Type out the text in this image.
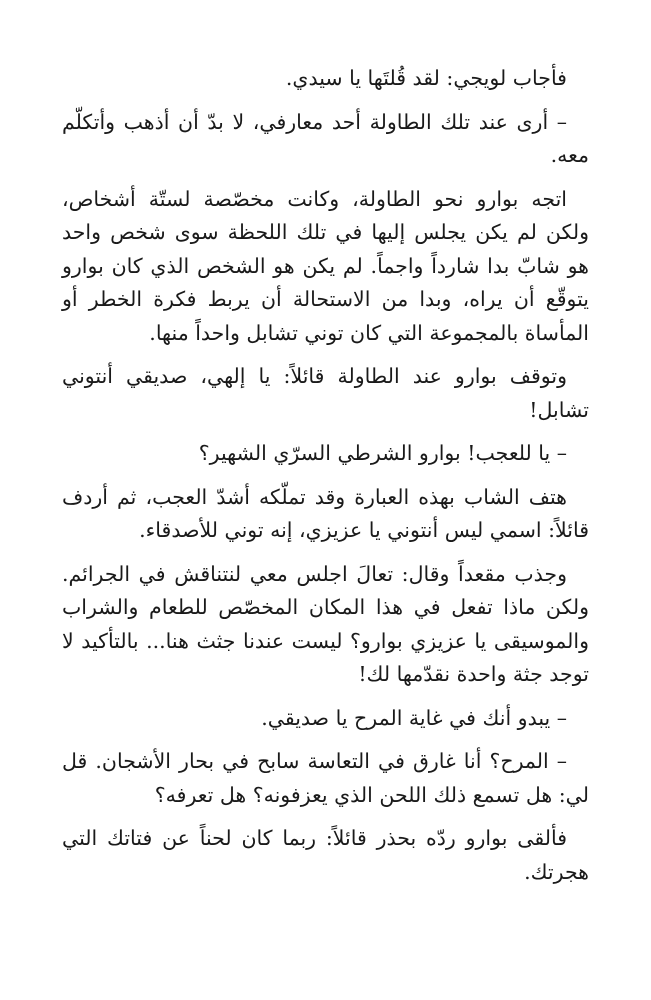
فأجاب لويجي: لقد قُلتَها يا سيدي.

– أرى عند تلك الطاولة أحد معارفي، لا بدّ أن أذهب وأتكلّم معه.

اتجه بوارو نحو الطاولة، وكانت مخصّصة لستّة أشخاص، ولكن لم يكن يجلس إليها في تلك اللحظة سوى شخص واحد هو شابّ بدا شارداً واجماً. لم يكن هو الشخص الذي كان بوارو يتوقّع أن يراه، وبدا من الاستحالة أن يربط فكرة الخطر أو المأساة بالمجموعة التي كان توني تشابل واحداً منها.

وتوقف بوارو عند الطاولة قائلاً: يا إلهي، صديقي أنتوني تشابل!

– يا للعجب! بوارو الشرطي السرّي الشهير؟

هتف الشاب بهذه العبارة وقد تملّكه أشدّ العجب، ثم أردف قائلاً: اسمي ليس أنتوني يا عزيزي، إنه توني للأصدقاء.

وجذب مقعداً وقال: تعالَ اجلس معي لنتناقش في الجرائم. ولكن ماذا تفعل في هذا المكان المخصّص للطعام والشراب والموسيقى يا عزيزي بوارو؟ ليست عندنا جثث هنا... بالتأكيد لا توجد جثة واحدة نقدّمها لك!

– يبدو أنك في غاية المرح يا صديقي.

– المرح؟ أنا غارق في التعاسة سابح في بحار الأشجان. قل لي: هل تسمع ذلك اللحن الذي يعزفونه؟ هل تعرفه؟

فألقى بوارو ردّه بحذر قائلاً: ربما كان لحناً عن فتاتك التي هجرتك.
